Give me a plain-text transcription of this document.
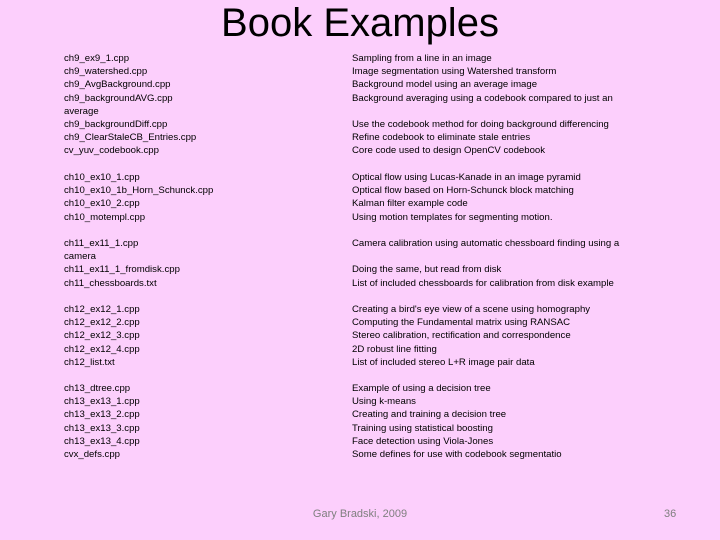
Book Examples
ch9_ex9_1.cpp
ch9_watershed.cpp
ch9_AvgBackground.cpp
ch9_backgroundAVG.cpp
average
ch9_backgroundDiff.cpp
ch9_ClearStaleCB_Entries.cpp
cv_yuv_codebook.cpp
Sampling from a line in an image
Image segmentation using Watershed transform
Background model using an average image
Background averaging using a codebook compared to just an
Use the codebook method for doing background differencing
Refine codebook to eliminate stale entries
Core code used to design OpenCV codebook
ch10_ex10_1.cpp
ch10_ex10_1b_Horn_Schunck.cpp
ch10_ex10_2.cpp
ch10_motempl.cpp
Optical flow using Lucas-Kanade in an image pyramid
Optical flow based on Horn-Schunck block matching
Kalman filter example code
Using motion templates for segmenting motion.
ch11_ex11_1.cpp
camera
ch11_ex11_1_fromdisk.cpp
ch11_chessboards.txt
Camera calibration using automatic chessboard finding using a
Doing the same, but read from disk
List of included chessboards for calibration from disk example
ch12_ex12_1.cpp
ch12_ex12_2.cpp
ch12_ex12_3.cpp
ch12_ex12_4.cpp
ch12_list.txt
Creating a bird's eye view of a scene using homography
Computing the Fundamental matrix using RANSAC
Stereo calibration, rectification and correspondence
2D robust line fitting
List of included stereo L+R image pair data
ch13_dtree.cpp
ch13_ex13_1.cpp
ch13_ex13_2.cpp
ch13_ex13_3.cpp
ch13_ex13_4.cpp
cvx_defs.cpp
Example of using a decision tree
Using k-means
Creating and training a decision tree
Training using statistical boosting
Face detection using Viola-Jones
Some defines for use with codebook segmentatio
Gary Bradski, 2009	36
